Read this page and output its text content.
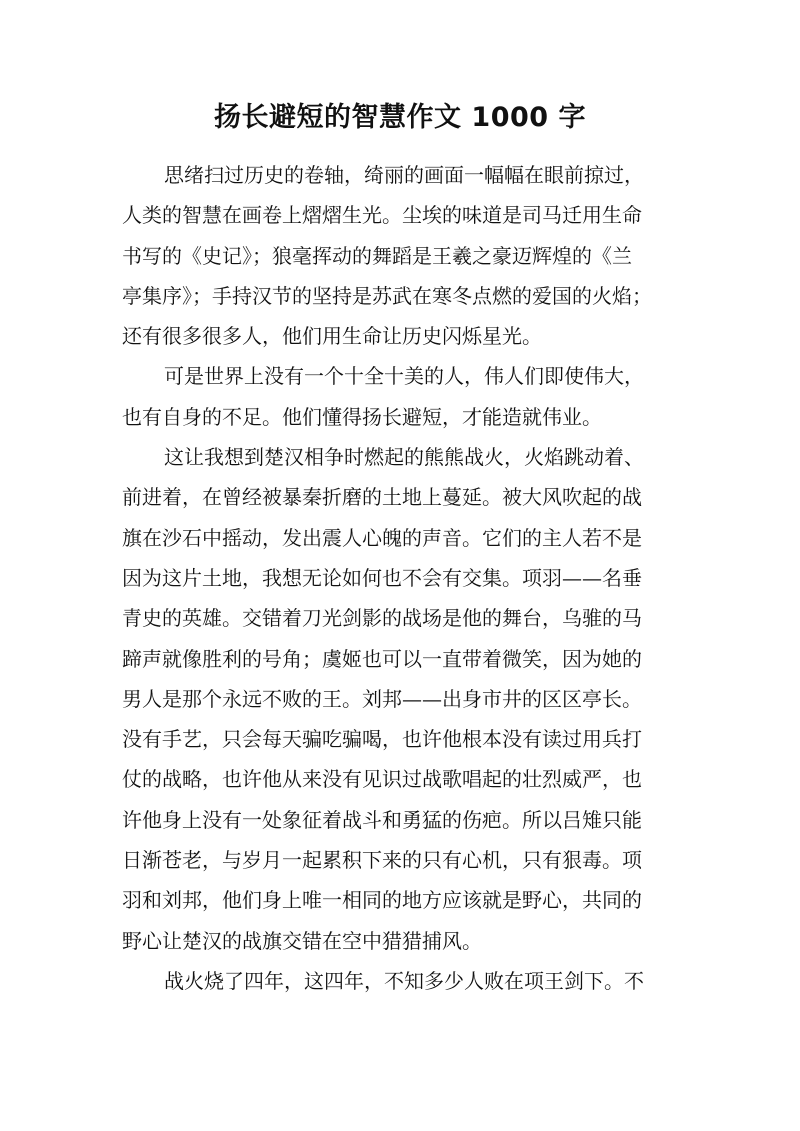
扬长避短的智慧作文 1000 字
思绪扫过历史的卷轴，绮丽的画面一幅幅在眼前掠过，
人类的智慧在画卷上熠熠生光。尘埃的味道是司马迁用生命
书写的《史记》；狼毫挥动的舞蹈是王羲之豪迈辉煌的《兰
亭集序》；手持汉节的坚持是苏武在寒冬点燃的爱国的火焰；
还有很多很多人，他们用生命让历史闪烁星光。
可是世界上没有一个十全十美的人，伟人们即使伟大，
也有自身的不足。他们懂得扬长避短，才能造就伟业。
这让我想到楚汉相争时燃起的熊熊战火，火焰跳动着、
前进着，在曾经被暴秦折磨的土地上蔓延。被大风吹起的战
旗在沙石中摇动，发出震人心魄的声音。它们的主人若不是
因为这片土地，我想无论如何也不会有交集。项羽——名垂
青史的英雄。交错着刀光剑影的战场是他的舞台，乌骓的马
蹄声就像胜利的号角；虞姬也可以一直带着微笑，因为她的
男人是那个永远不败的王。刘邦——出身市井的区区亭长。
没有手艺，只会每天骗吃骗喝，也许他根本没有读过用兵打
仗的战略，也许他从来没有见识过战歌唱起的壮烈威严，也
许他身上没有一处象征着战斗和勇猛的伤疤。所以吕雉只能
日渐苍老，与岁月一起累积下来的只有心机，只有狠毒。项
羽和刘邦，他们身上唯一相同的地方应该就是野心，共同的
野心让楚汉的战旗交错在空中猎猎捕风。
战火烧了四年，这四年，不知多少人败在项王剑下。不
